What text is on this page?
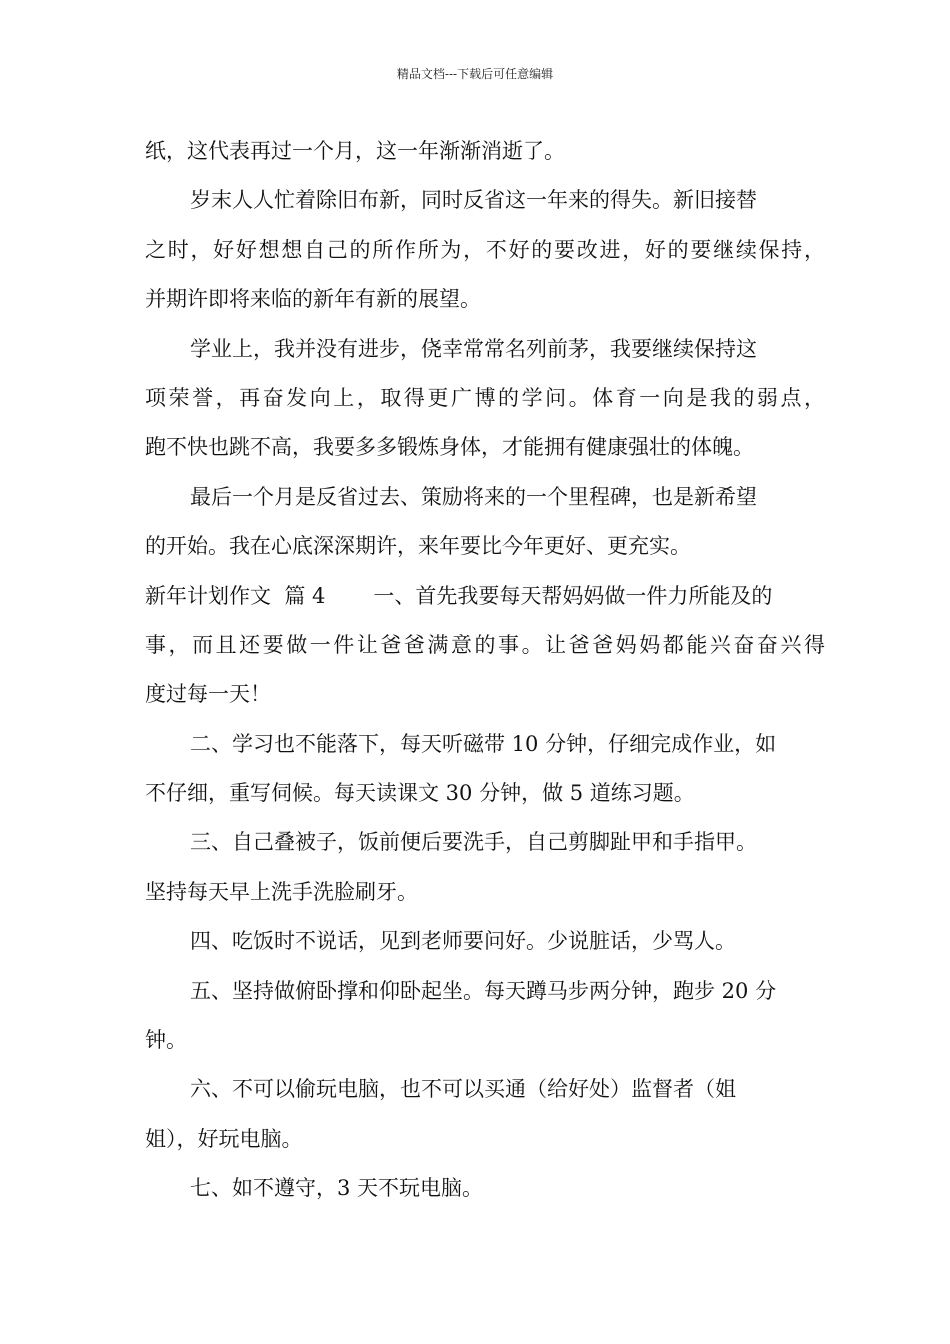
精品文档---下载后可任意编辑
纸，这代表再过一个月，这一年渐渐消逝了。
岁末人人忙着除旧布新，同时反省这一年来的得失。新旧接替
之时，好好想想自己的所作所为，不好的要改进，好的要继续保持，
并期许即将来临的新年有新的展望。
学业上，我并没有进步，侥幸常常名列前茅，我要继续保持这
项荣誉，再奋发向上，取得更广博的学问。体育一向是我的弱点，
跑不快也跳不高，我要多多锻炼身体，才能拥有健康强壮的体魄。
最后一个月是反省过去、策励将来的一个里程碑，也是新希望
的开始。我在心底深深期许，来年要比今年更好、更充实。
新年计划作文 篇 4 一、首先我要每天帮妈妈做一件力所能及的
事，而且还要做一件让爸爸满意的事。让爸爸妈妈都能兴奋奋兴得
度过每一天！
二、学习也不能落下，每天听磁带 10 分钟，仔细完成作业，如
不仔细，重写伺候。每天读课文 30 分钟，做 5 道练习题。
三、自己叠被子，饭前便后要洗手，自己剪脚趾甲和手指甲。
坚持每天早上洗手洗脸刷牙。
四、吃饭时不说话，见到老师要问好。少说脏话，少骂人。
五、坚持做俯卧撑和仰卧起坐。每天蹲马步两分钟，跑步 20 分
钟。
六、不可以偷玩电脑，也不可以买通（给好处）监督者（姐
姐），好玩电脑。
七、如不遵守，3 天不玩电脑。
